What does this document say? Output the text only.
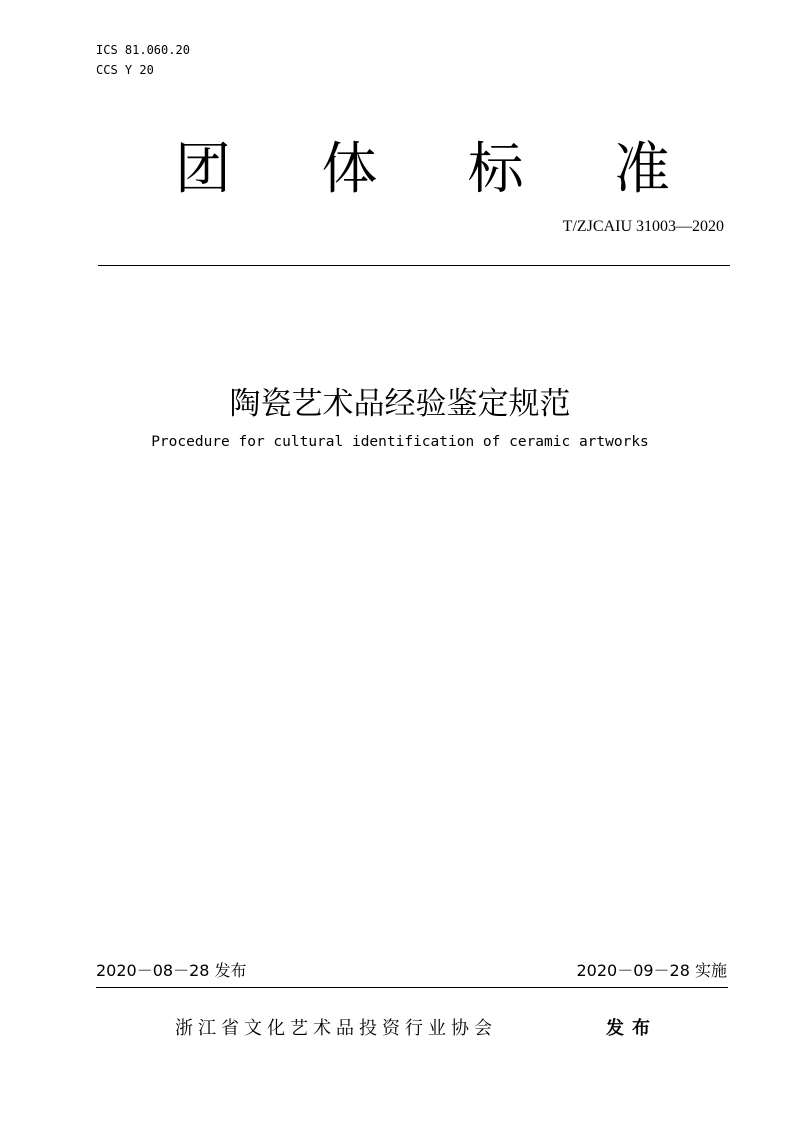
ICS 81.060.20
CCS Y 20
团 体 标 准
T/ZJCAIU 31003—2020
陶瓷艺术品经验鉴定规范
Procedure for cultural identification of ceramic artworks
2020－08－28 发布	2020－09－28 实施
浙江省文化艺术品投资行业协会	发布
